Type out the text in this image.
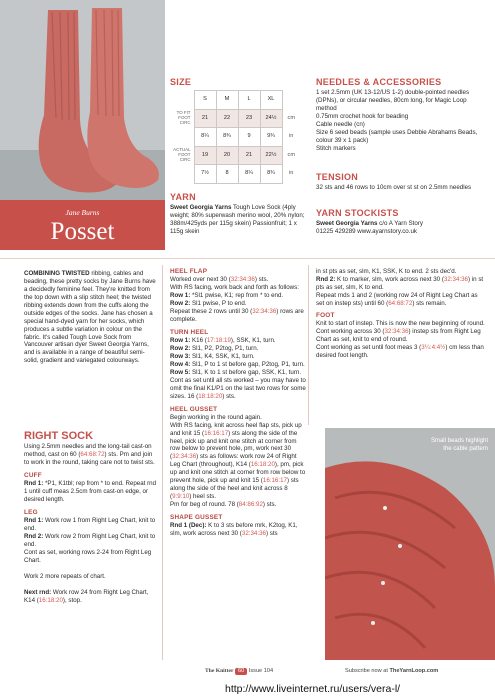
Jane Burns
Posset
SIZE
	S	M	L	XL	
TO FIT FOOT CIRC	21	22	23	24½	cm
	8¼	8¾	9	9¾	in
ACTUAL FOOT CIRC	19	20	21	22½	cm
	7½	8	8¼	8¾	in
YARN
Sweet Georgia Yarns Tough Love Sock (4ply weight; 80% superwash merino wool, 20% nylon; 388m/425yds per 115g skein) Passionfruit; 1 x 115g skein
NEEDLES & ACCESSORIES
1 set 2.5mm (UK 13-12/US 1-2) double-pointed needles (DPNs), or circular needles, 80cm long, for Magic Loop method
0.75mm crochet hook for beading
Cable needle (cn)
Size 6 seed beads (sample uses Debbie Abrahams Beads, colour 39 x 1 pack)
Stitch markers
TENSION
32 sts and 46 rows to 10cm over st st on 2.5mm needles
YARN STOCKISTS
Sweet Georgia Yarns c/o A Yarn Story
01225 429289 www.ayarnstory.co.uk

COMBINING TWISTED ribbing, cables and beading, these pretty socks by Jane Burns have a decidedly feminine feel. They're knitted from the top down with a slip stitch heel; the twisted ribbing extends down from the cuffs along the outside edges of the socks. Jane has chosen a special hand-dyed yarn for her socks, which produces a subtle variation in colour on the fabric. It's called Tough Love Sock from Vancouver artisan dyer Sweet Georgia Yarns, and is available in a range of beautiful semi-solid, gradient and variegated colourways.

RIGHT SOCK

Using 2.5mm needles and the long-tail cast-on method, cast on 60 (64:68:72) sts. Pm and join to work in the round, taking care not to twist sts.

CUFF

Rnd 1: *P1, K1tbl; rep from * to end. Repeat rnd 1 until cuff meas 2.5cm from cast-on edge, or desired length.

LEG
Rnd 1: Work row 1 from Right Leg Chart, knit to end.
Rnd 2: Work row 2 from Right Leg Chart, knit to end.

Cont as set, working rows 2-24 from Right Leg Chart.

Work 2 more repeats of chart.

Next rnd: Work row 24 from Right Leg Chart, K14 (16:18:20), stop.

HEEL FLAP
Worked over next 30 (32:34:36) sts.
With RS facing, work back and forth as follows:
Row 1: *Sl1 pwise, K1; rep from * to end.
Row 2: Sl1 pwise, P to end.

Repeat these 2 rows until 30 (32:34:36) rows are complete.

TURN HEEL
Row 1: K16 (17:18:19), SSK, K1, turn.
Row 2: Sl1, P2, P2tog, P1, turn.
Row 3: Sl1, K4, SSK, K1, turn.
Row 4: Sl1, P to 1 st before gap, P2tog, P1, turn.
Row 5: Sl1, K to 1 st before gap, SSK, K1, turn.

Cont as set until all sts worked – you may have to omit the final K1/P1 on the last two rows for some sizes. 16 (18:18:20) sts.

HEEL GUSSET
Begin working in the round again.
With RS facing, knit across heel flap sts, pick up and knit 15 (16:16:17) sts along the side of the heel, pick up and knit one stitch at corner from row below to prevent hole, pm, work next 30 (32:34:36) sts as follows: work row 24 of Right Leg Chart (throughout), K14 (16:18:20), pm, pick up and knit one stitch at corner from row below to prevent hole, pick up and knit 15 (16:16:17) sts along the side of the heel and knit across 8 (9:9:10) heel sts.

Pm for beg of round. 78 (84:86:92) sts.

SHAPE GUSSET
Rnd 1 (Dec): K to 3 sts before mrk, K2tog, K1, slm, work across next 30 (32:34:36) sts
in st pts as set, slm, K1, SSK, K to end. 2 sts dec'd.
Rnd 2: K to marker, slm, work across next 30 (32:34:36) in st pts as set, slm, K to end.

Repeat rnds 1 and 2 (working row 24 of Right Leg Chart as set on instep sts) until 60 (64:68:72) sts remain.

FOOT
Knit to start of instep. This is now the new beginning of round.
Cont working across 30 (32:34:36) instep sts from Right Leg Chart as set, knit to end of round.
Cont working as set until foot meas 3 (3¼:4:4½) cm less than desired foot length.
Small beads highlight the cable pattern
The Knitter 60 Issue 104	Subscribe now at TheYarnLoop.com
http://www.liveinternet.ru/users/vera-l/
